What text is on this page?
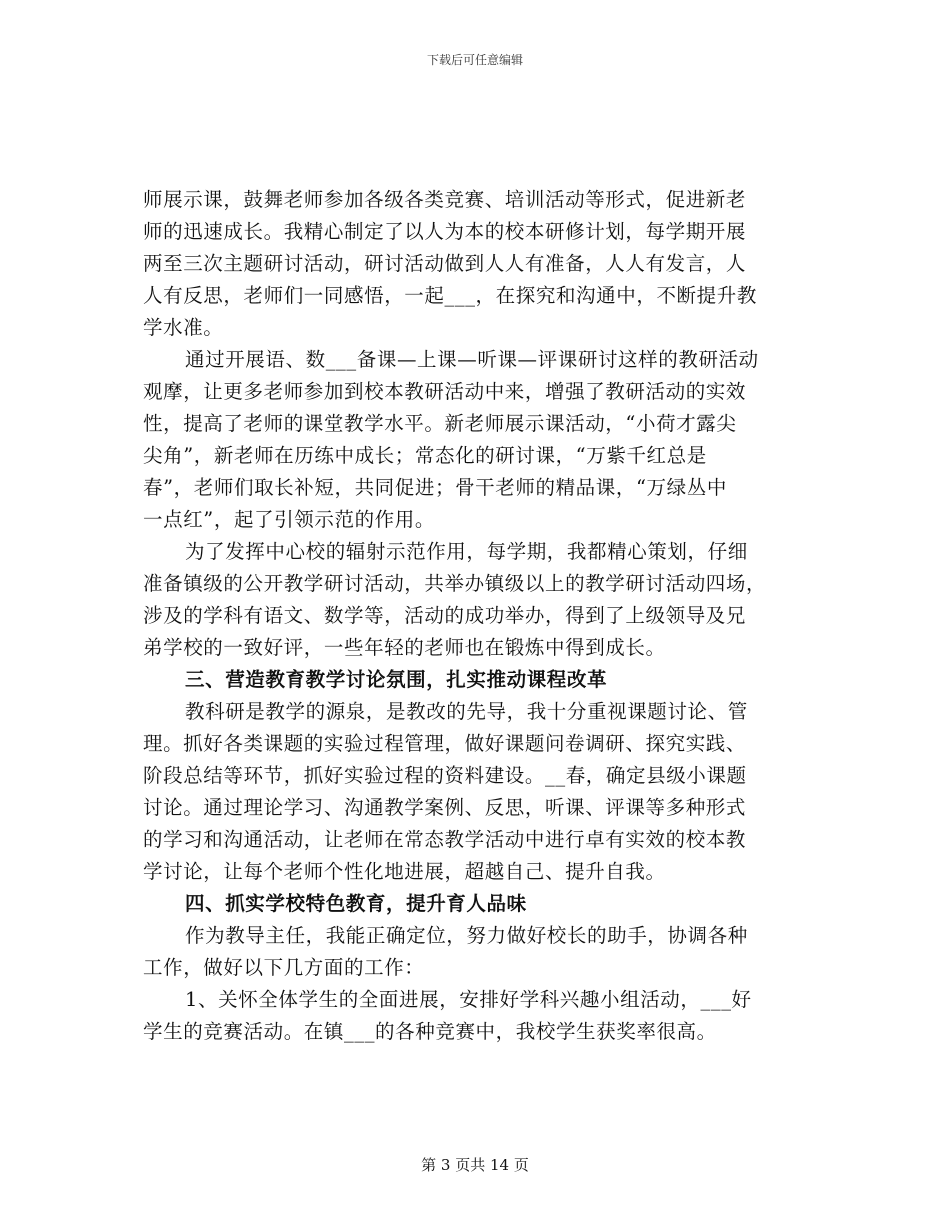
下载后可任意编辑
师展示课，鼓舞老师参加各级各类竞赛、培训活动等形式，促进新老
师的迅速成长。我精心制定了以人为本的校本研修计划，每学期开展
两至三次主题研讨活动，研讨活动做到人人有准备，人人有发言，人
人有反思，老师们一同感悟，一起___，在探究和沟通中，不断提升教
学水准。
通过开展语、数___备课—上课—听课—评课研讨这样的教研活动
观摩，让更多老师参加到校本教研活动中来，增强了教研活动的实效
性，提高了老师的课堂教学水平。新老师展示课活动，“小荷才露尖
尖角”，新老师在历练中成长；常态化的研讨课，“万紫千红总是
春”，老师们取长补短，共同促进；骨干老师的精品课，“万绿丛中
一点红”，起了引领示范的作用。
为了发挥中心校的辐射示范作用，每学期，我都精心策划，仔细
准备镇级的公开教学研讨活动，共举办镇级以上的教学研讨活动四场，
涉及的学科有语文、数学等，活动的成功举办，得到了上级领导及兄
弟学校的一致好评，一些年轻的老师也在锻炼中得到成长。
三、营造教育教学讨论氛围，扎实推动课程改革
教科研是教学的源泉，是教改的先导，我十分重视课题讨论、管
理。抓好各类课题的实验过程管理，做好课题问卷调研、探究实践、
阶段总结等环节，抓好实验过程的资料建设。__春，确定县级小课题
讨论。通过理论学习、沟通教学案例、反思，听课、评课等多种形式
的学习和沟通活动，让老师在常态教学活动中进行卓有实效的校本教
学讨论，让每个老师个性化地进展，超越自己、提升自我。
四、抓实学校特色教育，提升育人品味
作为教导主任，我能正确定位，努力做好校长的助手，协调各种
工作，做好以下几方面的工作：
1、关怀全体学生的全面进展，安排好学科兴趣小组活动，___好
学生的竞赛活动。在镇___的各种竞赛中，我校学生获奖率很高。
第 3 页共 14 页
